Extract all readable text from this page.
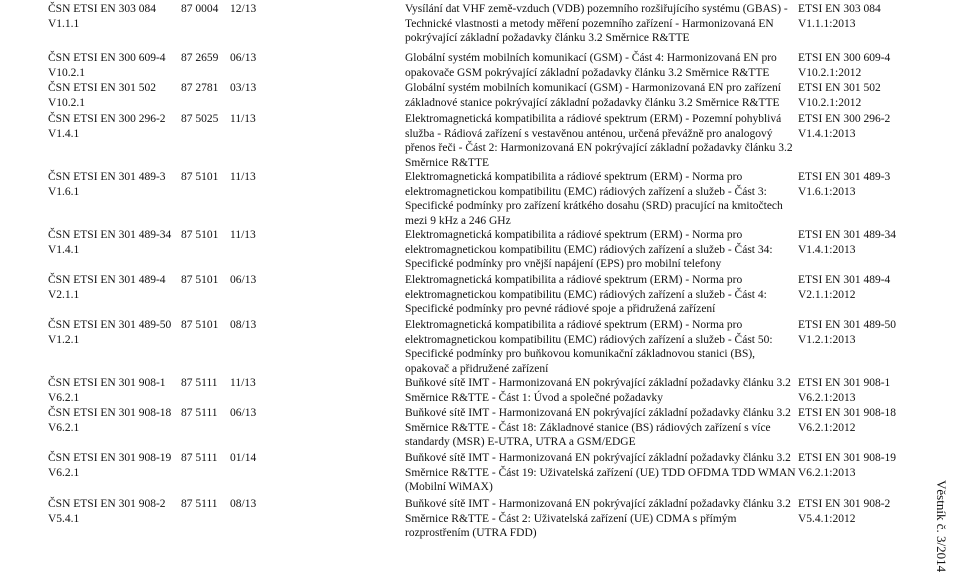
Věstník č. 3/2014
ČSN ETSI EN 303 084
V1.1.1
87 0004	12/13	Vysílání dat VHF země-vzduch (VDB) pozemního rozšiřujícího systému (GBAS) -
Technické vlastnosti a metody měření pozemního zařízení - Harmonizovaná EN
pokrývající základní požadavky článku 3.2 Směrnice R&TTE
ETSI EN 303 084
V1.1.1:2013
ČSN ETSI EN 300 609-4
V10.2.1
87 2659	06/13	Globální systém mobilních komunikací (GSM) - Část 4: Harmonizovaná EN pro
opakovače GSM pokrývající základní požadavky článku 3.2 Směrnice R&TTE
ETSI EN 300 609-4
V10.2.1:2012
ČSN ETSI EN 301 502
V10.2.1
87 2781	03/13	Globální systém mobilních komunikací (GSM) - Harmonizovaná EN pro zařízení
základnové stanice pokrývající základní požadavky článku 3.2 Směrnice R&TTE
ETSI EN 301 502
V10.2.1:2012
ČSN ETSI EN 300 296-2
V1.4.1
87 5025	11/13	Elektromagnetická kompatibilita a rádiové spektrum (ERM) - Pozemní pohyblivá
služba - Rádiová zařízení s vestavěnou anténou, určená převážně pro analogový
přenos řeči - Část 2: Harmonizovaná EN pokrývající základní požadavky článku 3.2
Směrnice R&TTE
ETSI EN 300 296-2
V1.4.1:2013
ČSN ETSI EN 301 489-3
V1.6.1
87 5101	11/13	Elektromagnetická kompatibilita a rádiové spektrum (ERM) - Norma pro
elektromagnetickou kompatibilitu (EMC) rádiových zařízení a služeb - Část 3:
Specifické podmínky pro zařízení krátkého dosahu (SRD) pracující na kmitočtech
mezi 9 kHz a 246 GHz
ETSI EN 301 489-3
V1.6.1:2013
ČSN ETSI EN 301 489-34
V1.4.1
87 5101	11/13	Elektromagnetická kompatibilita a rádiové spektrum (ERM) - Norma pro
elektromagnetickou kompatibilitu (EMC) rádiových zařízení a služeb - Část 34:
Specifické podmínky pro vnější napájení (EPS) pro mobilní telefony
ETSI EN 301 489-34
V1.4.1:2013
ČSN ETSI EN 301 489-4
V2.1.1
87 5101	06/13	Elektromagnetická kompatibilita a rádiové spektrum (ERM) - Norma pro
elektromagnetickou kompatibilitu (EMC) rádiových zařízení a služeb - Část 4:
Specifické podmínky pro pevné rádiové spoje a přidružená zařízení
ETSI EN 301 489-4
V2.1.1:2012
ČSN ETSI EN 301 489-50
V1.2.1
87 5101	08/13	Elektromagnetická kompatibilita a rádiové spektrum (ERM) - Norma pro
elektromagnetickou kompatibilitu (EMC) rádiových zařízení a služeb - Část 50:
Specifické podmínky pro buňkovou komunikační základnovou stanici (BS),
opakovač a přidružené zařízení
ETSI EN 301 489-50
V1.2.1:2013
ČSN ETSI EN 301 908-1
V6.2.1
87 5111	11/13	Buňkové sítě IMT - Harmonizovaná EN pokrývající základní požadavky článku 3.2
Směrnice R&TTE - Část 1: Úvod a společné požadavky
ETSI EN 301 908-1
V6.2.1:2013
ČSN ETSI EN 301 908-18
V6.2.1
87 5111	06/13	Buňkové sítě IMT - Harmonizovaná EN pokrývající základní požadavky článku 3.2
Směrnice R&TTE - Část 18: Základnové stanice (BS) rádiových zařízení s více
standardy (MSR) E-UTRA, UTRA a GSM/EDGE
ETSI EN 301 908-18
V6.2.1:2012
ČSN ETSI EN 301 908-19
V6.2.1
87 5111	01/14	Buňkové sítě IMT - Harmonizovaná EN pokrývající základní požadavky článku 3.2
Směrnice R&TTE - Část 19: Uživatelská zařízení (UE) TDD OFDMA TDD WMAN
(Mobilní WiMAX)
ETSI EN 301 908-19
V6.2.1:2013
ČSN ETSI EN 301 908-2
V5.4.1
87 5111	08/13	Buňkové sítě IMT - Harmonizovaná EN pokrývající základní požadavky článku 3.2
Směrnice R&TTE - Část 2: Uživatelská zařízení (UE) CDMA s přímým
rozprostřením (UTRA FDD)
ETSI EN 301 908-2
V5.4.1:2012
